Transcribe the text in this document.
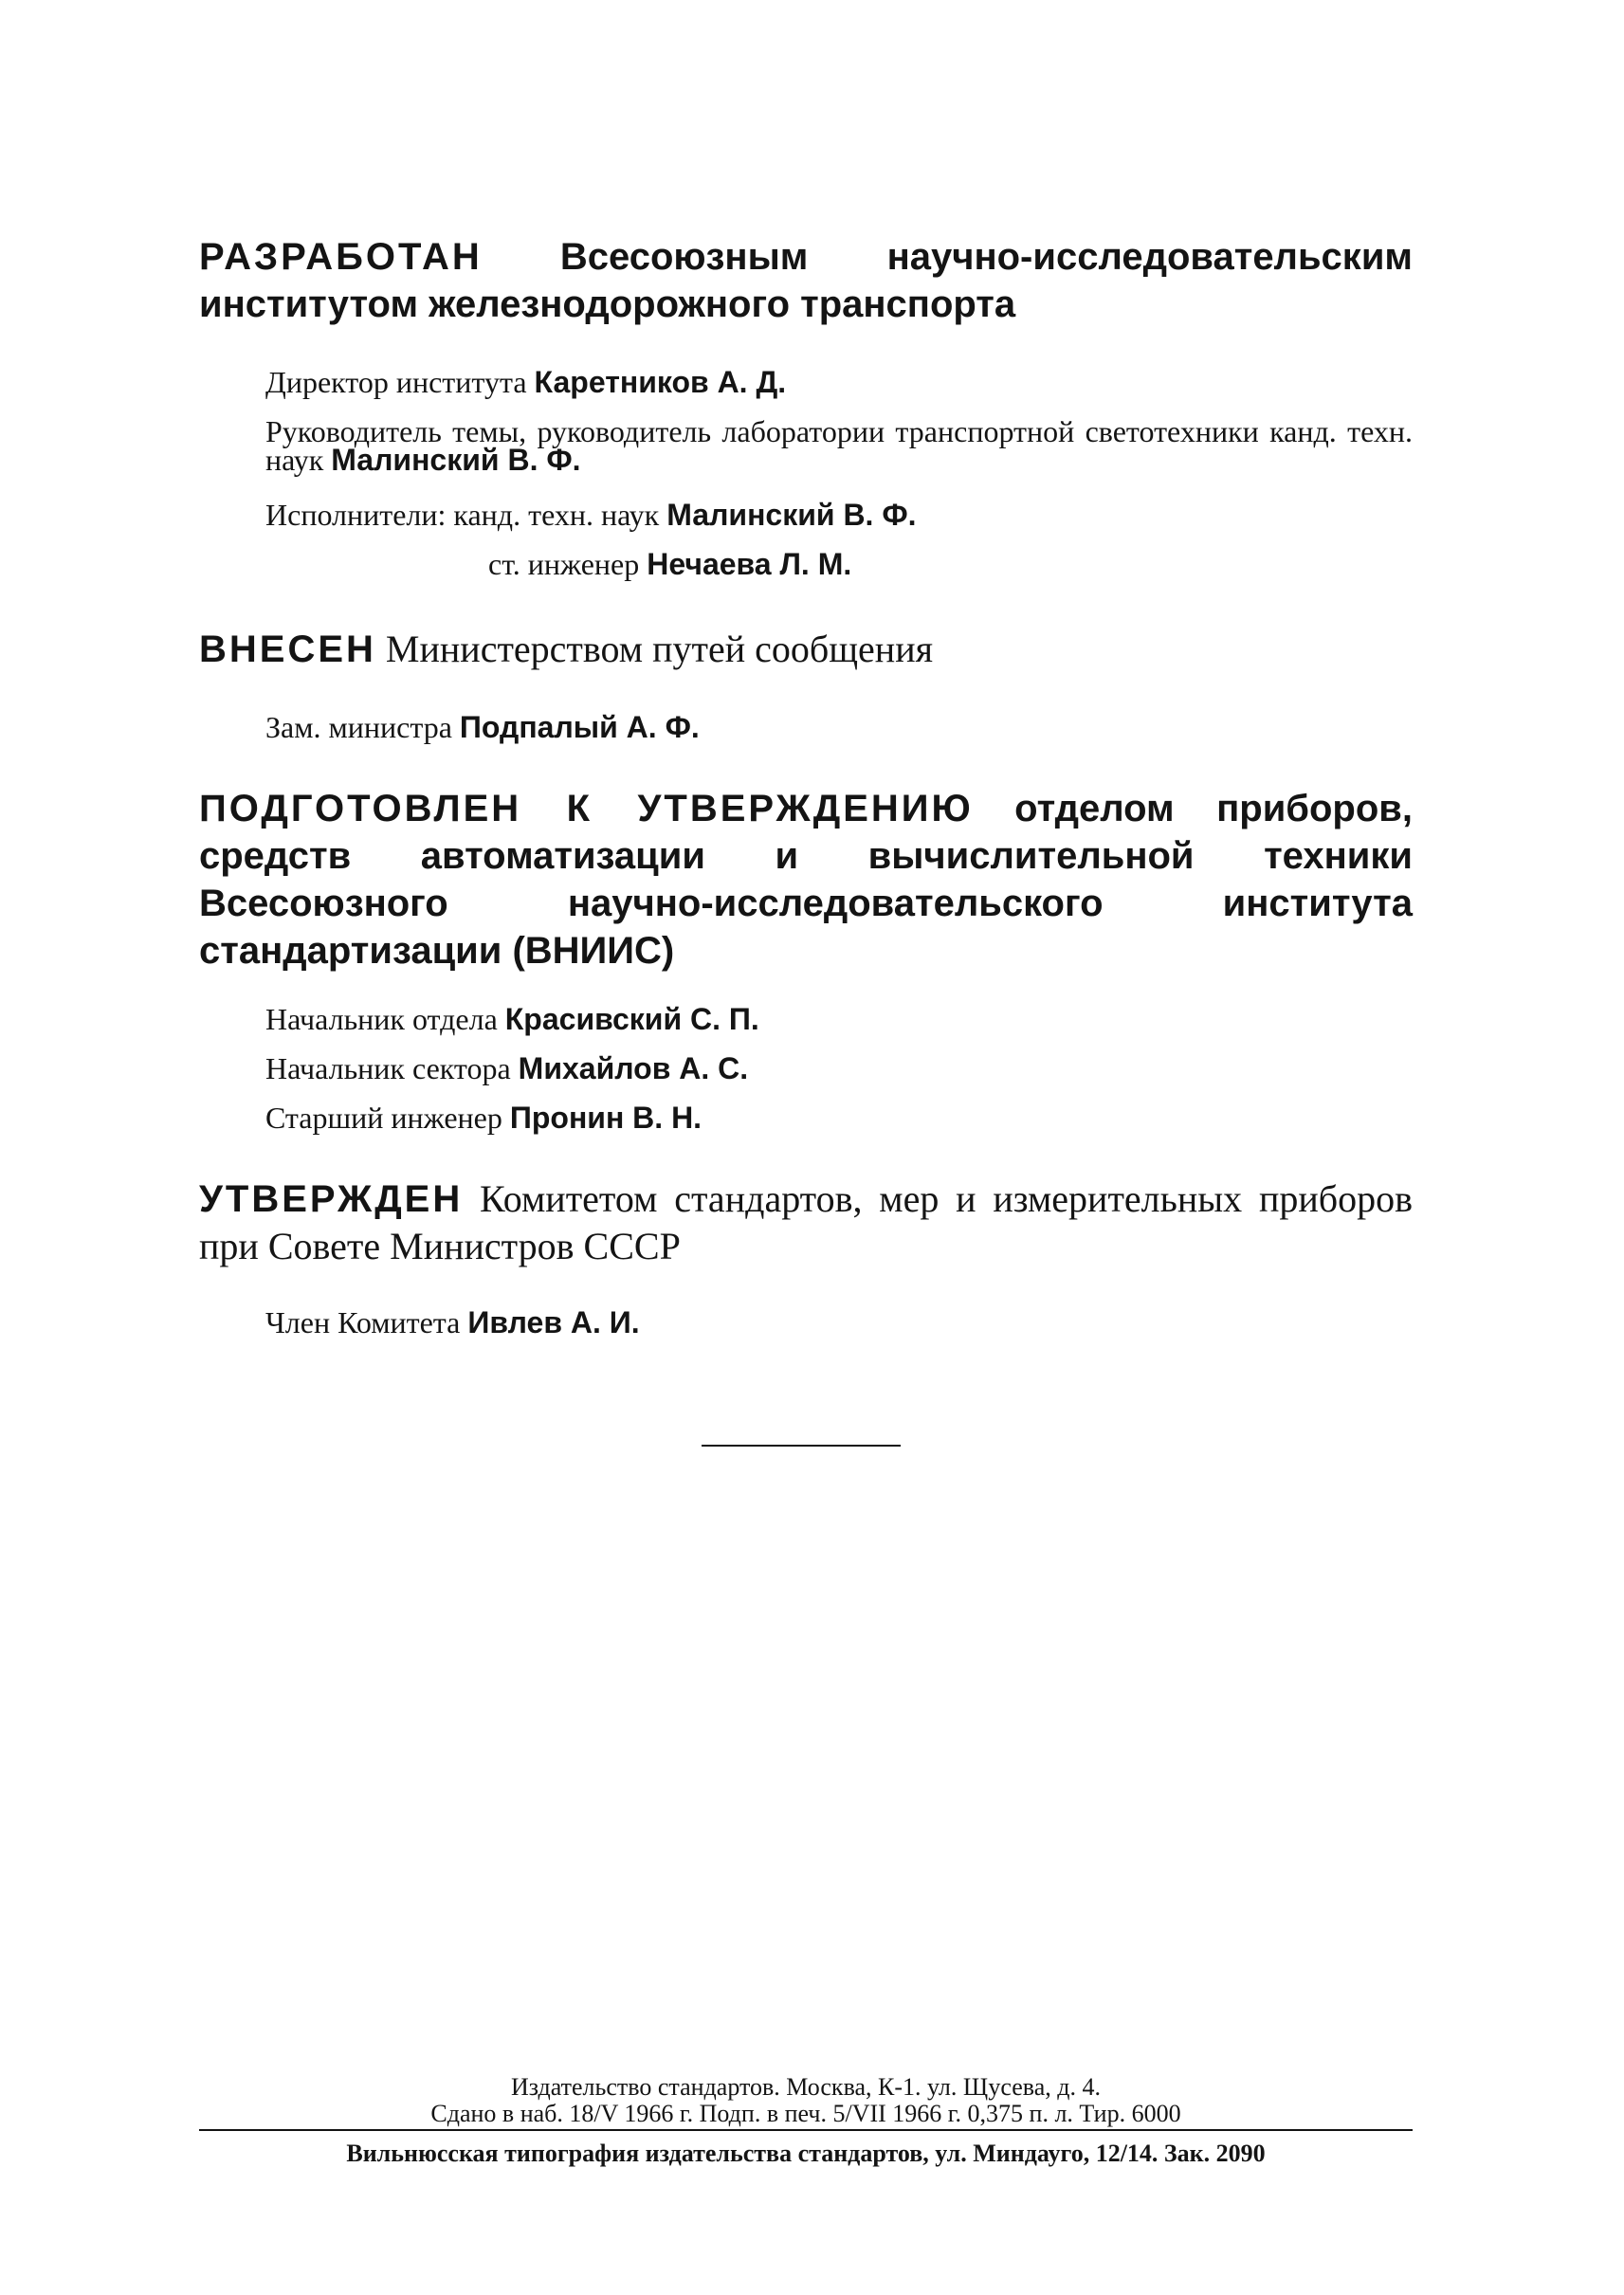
РАЗРАБОТАН Всесоюзным научно-исследовательским институтом железнодорожного транспорта
Директор института Каретников А. Д.
Руководитель темы, руководитель лаборатории транспортной светотехники канд. техн. наук Малинский В. Ф.
Исполнители: канд. техн. наук Малинский В. Ф.
ст. инженер Нечаева Л. М.
ВНЕСЕН Министерством путей сообщения
Зам. министра Подпалый А. Ф.
ПОДГОТОВЛЕН К УТВЕРЖДЕНИЮ отделом приборов, средств автоматизации и вычислительной техники Всесоюзного научно-исследовательского института стандартизации (ВНИИС)
Начальник отдела Красивский С. П.
Начальник сектора Михайлов А. С.
Старший инженер Пронин В. Н.
УТВЕРЖДЕН Комитетом стандартов, мер и измерительных приборов при Совете Министров СССР
Член Комитета Ивлев А. И.
Издательство стандартов. Москва, К-1. ул. Щусева, д. 4.
Сдано в наб. 18/V 1966 г. Подп. в печ. 5/VII 1966 г. 0,375 п. л. Тир. 6000
Вильнюсская типография издательства стандартов, ул. Миндауго, 12/14. Зак. 2090
